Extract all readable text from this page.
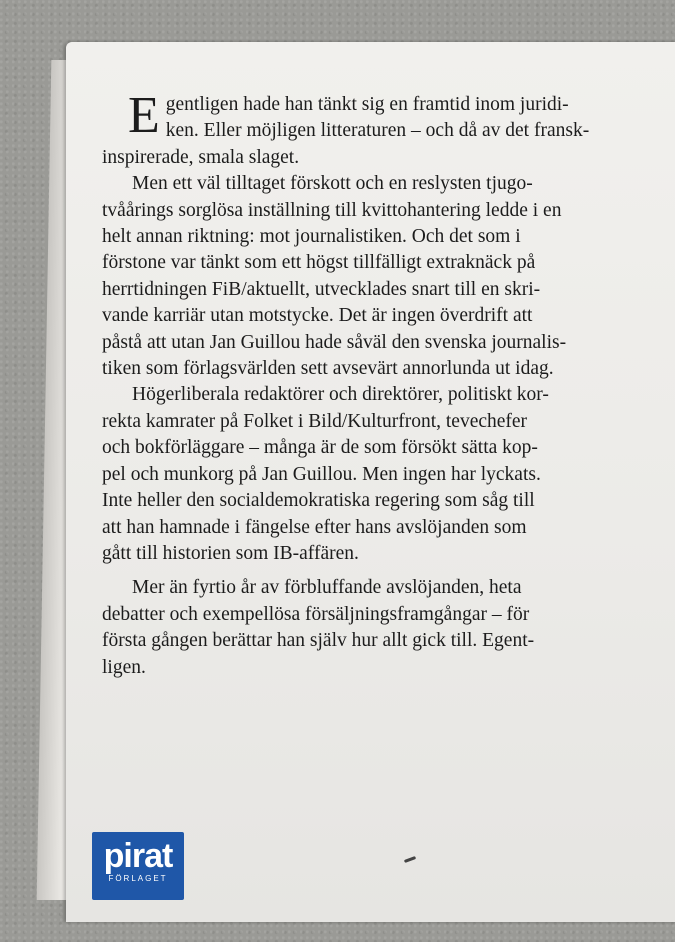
E gentligen hade han tänkt sig en framtid inom juridi-
ken. Eller möjligen litteraturen – och då av det fransk-
inspirerade, smala slaget.

Men ett väl tilltaget förskott och en reslysten tjugo-
tvåårings sorglösa inställning till kvittohantering ledde i en
helt annan riktning: mot journalistiken. Och det som i
förstone var tänkt som ett högst tillfälligt extraknäck på
herrtidningen FiB/aktuellt, utvecklades snart till en skri-
vande karriär utan motstycke. Det är ingen överdrift att
påstå att utan Jan Guillou hade såväl den svenska journalis-
tiken som förlagsvärlden sett avsevärt annorlunda ut idag.

Högerliberala redaktörer och direktörer, politiskt kor-
rekta kamrater på Folket i Bild/Kulturfront, tevechefer
och bokförläggare – många är de som försökt sätta kop-
pel och munkorg på Jan Guillou. Men ingen har lyckats.
Inte heller den socialdemokratiska regering som såg till
att han hamnade i fängelse efter hans avslöjanden som
gått till historien som IB-affären.

Mer än fyrtio år av förbluffande avslöjanden, heta
debatter och exempellösa försäljningsframgångar – för
första gången berättar han själv hur allt gick till. Egent-
ligen.

pirat
FÖRLAGET
